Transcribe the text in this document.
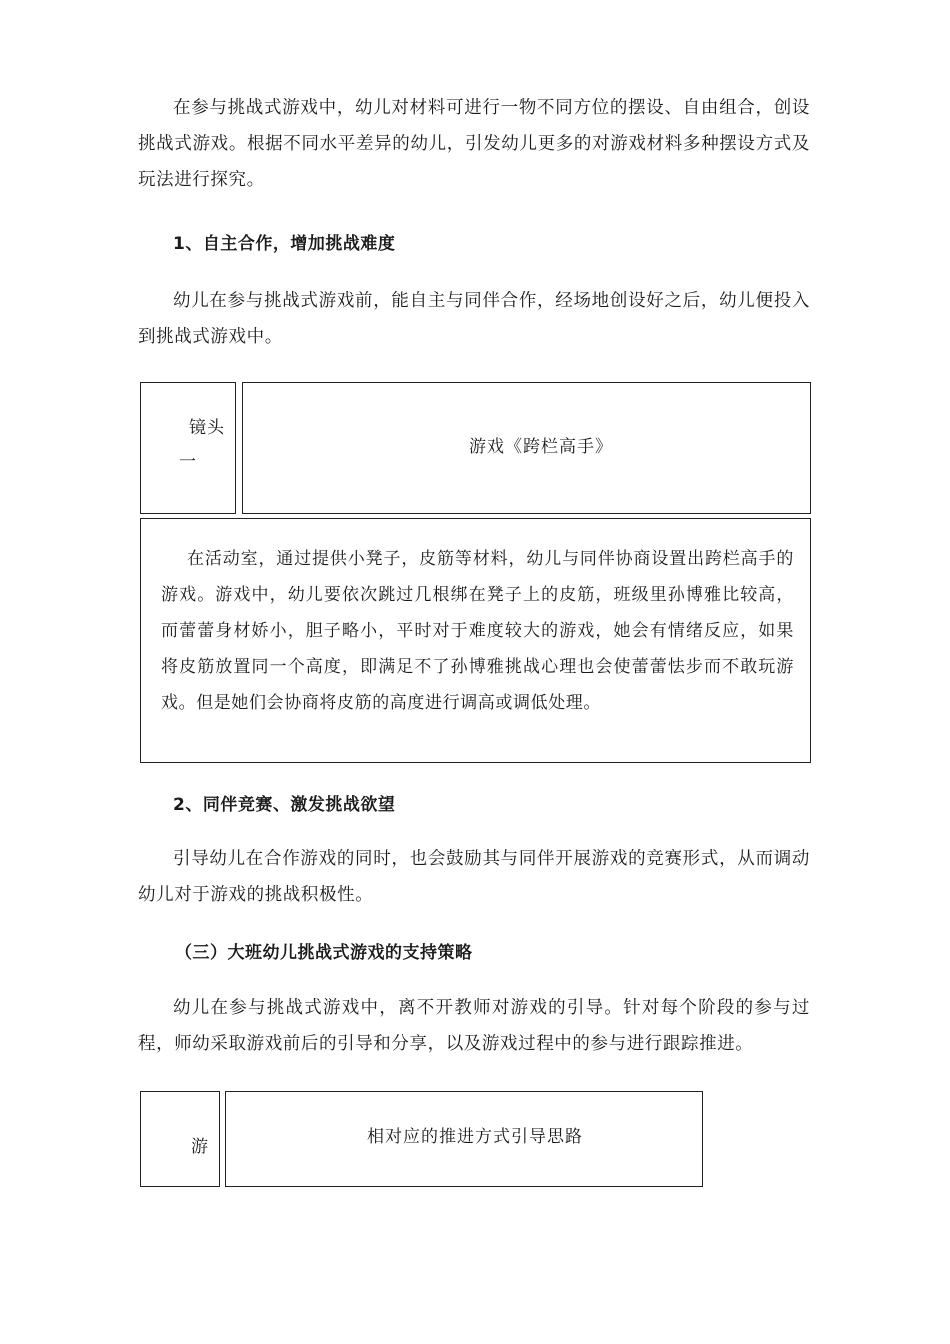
在参与挑战式游戏中，幼儿对材料可进行一物不同方位的摆设、自由组合，创设挑战式游戏。根据不同水平差异的幼儿，引发幼儿更多的对游戏材料多种摆设方式及玩法进行探究。

1、自主合作，增加挑战难度

幼儿在参与挑战式游戏前，能自主与同伴合作，经场地创设好之后，幼儿便投入到挑战式游戏中。

镜头
一
游戏《跨栏高手》

在活动室，通过提供小凳子，皮筋等材料，幼儿与同伴协商设置出跨栏高手的游戏。游戏中，幼儿要依次跳过几根绑在凳子上的皮筋，班级里孙博雅比较高，而蕾蕾身材娇小，胆子略小，平时对于难度较大的游戏，她会有情绪反应，如果将皮筋放置同一个高度，即满足不了孙博雅挑战心理也会使蕾蕾怯步而不敢玩游戏。但是她们会协商将皮筋的高度进行调高或调低处理。

2、同伴竞赛、激发挑战欲望

引导幼儿在合作游戏的同时，也会鼓励其与同伴开展游戏的竞赛形式，从而调动幼儿对于游戏的挑战积极性。

（三）大班幼儿挑战式游戏的支持策略

幼儿在参与挑战式游戏中，离不开教师对游戏的引导。针对每个阶段的参与过程，师幼采取游戏前后的引导和分享，以及游戏过程中的参与进行跟踪推进。

游	相对应的推进方式引导思路
